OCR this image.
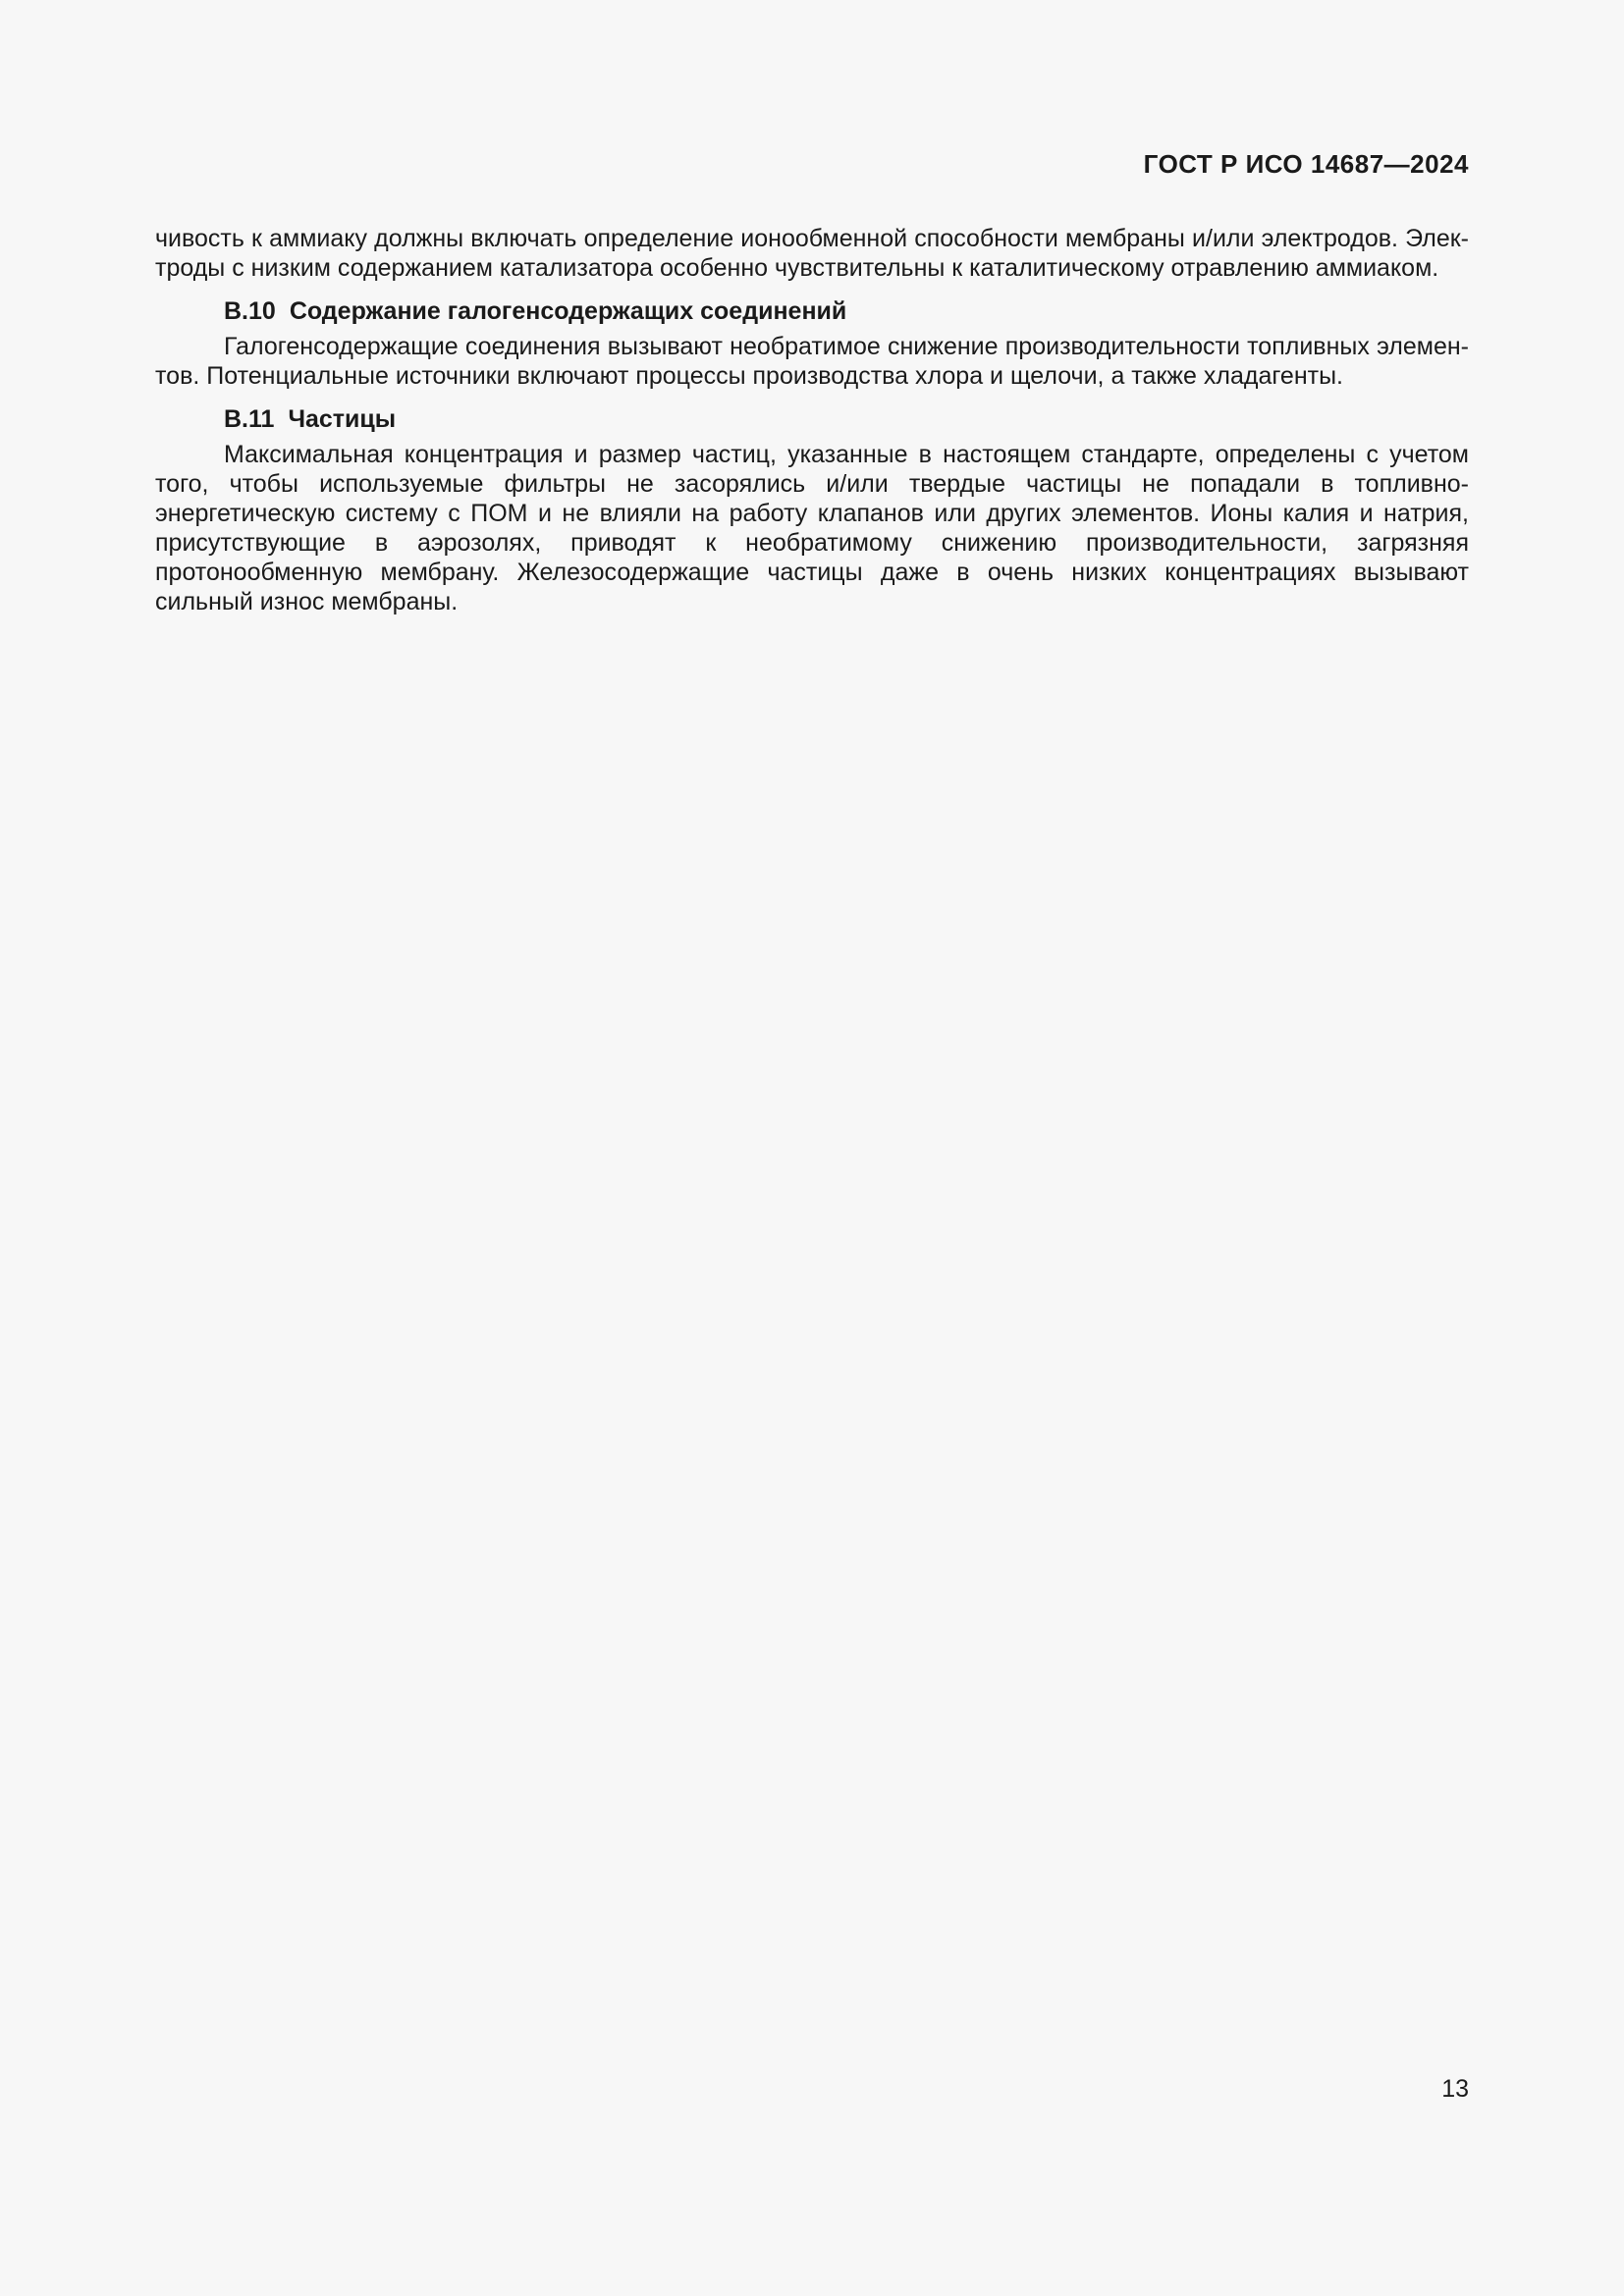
ГОСТ Р ИСО 14687—2024

чивость к аммиаку должны включать определение ионообменной способности мембраны и/или электродов. Электроды с низким содержанием катализатора особенно чувствительны к каталитическому отравлению аммиаком.

B.10 Содержание галогенсодержащих соединений

Галогенсодержащие соединения вызывают необратимое снижение производительности топливных элементов. Потенциальные источники включают процессы производства хлора и щелочи, а также хладагенты.

B.11 Частицы

Максимальная концентрация и размер частиц, указанные в настоящем стандарте, определены с учетом того, чтобы используемые фильтры не засорялись и/или твердые частицы не попадали в топливно-энергетическую систему с ПОМ и не влияли на работу клапанов или других элементов. Ионы калия и натрия, присутствующие в аэрозолях, приводят к необратимому снижению производительности, загрязняя протонообменную мембрану. Железосодержащие частицы даже в очень низких концентрациях вызывают сильный износ мембраны.

13
